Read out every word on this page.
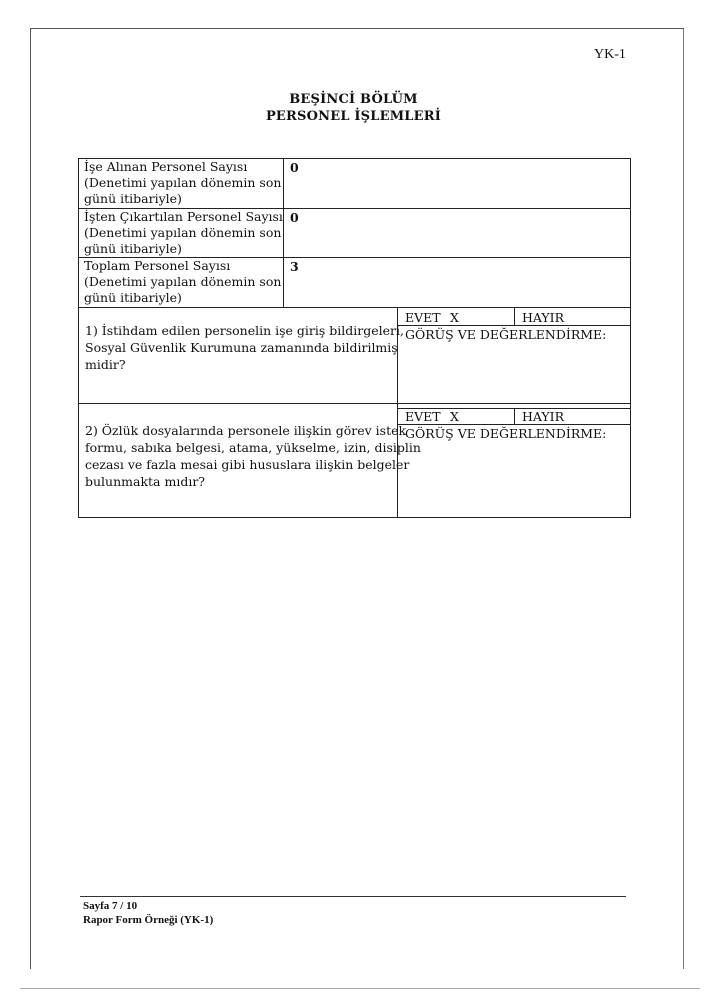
YK-1
BEŞİNCİ BÖLÜM
PERSONEL İŞLEMLERİ
İşe Alınan Personel Sayısı
(Denetimi yapılan dönemin son
günü itibariyle)
0
İşten Çıkartılan Personel Sayısı
(Denetimi yapılan dönemin son
günü itibariyle)
0
Toplam Personel Sayısı
(Denetimi yapılan dönemin son
günü itibariyle)
3
1) İstihdam edilen personelin işe giriş bildirgeleri,
Sosyal Güvenlik Kurumuna zamanında bildirilmiş
midir?
EVET X	HAYIR
GÖRÜŞ VE DEĞERLENDİRME:
2) Özlük dosyalarında personele ilişkin görev istek
formu, sabıka belgesi, atama, yükselme, izin, disiplin
cezası ve fazla mesai gibi hususlara ilişkin belgeler
bulunmakta mıdır?
EVET X	HAYIR
GÖRÜŞ VE DEĞERLENDİRME:
Sayfa 7 / 10
Rapor Form Örneği (YK-1)
